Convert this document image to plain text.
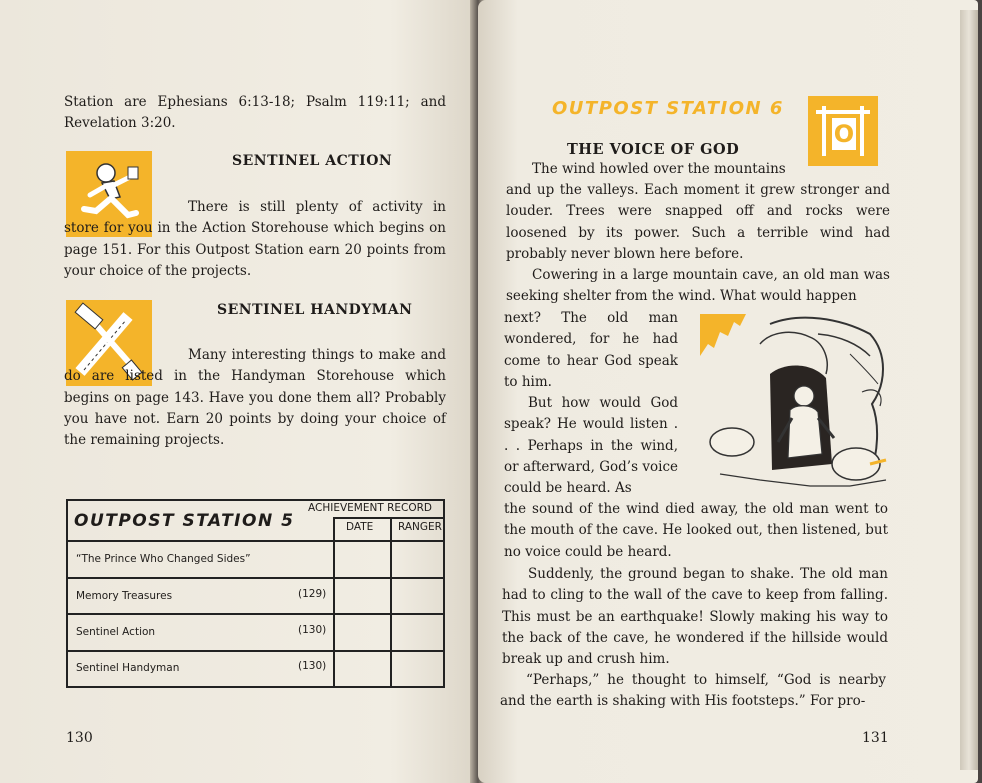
Station are Ephesians 6:13-18; Psalm 119:11; and Revelation 3:20.

SENTINEL ACTION

There is still plenty of activity in store for you in the Action Storehouse which begins on page 151. For this Outpost Station earn 20 points from your choice of the projects.

SENTINEL HANDYMAN

Many interesting things to make and do are listed in the Handyman Storehouse which begins on page 143. Have you done them all? Probably you have not. Earn 20 points by doing your choice of the remaining projects.

OUTPOST STATION 5
ACHIEVEMENT RECORD
DATE RANGER
“The Prince Who Changed Sides”
Memory Treasures	(129)
Sentinel Action	(130)
Sentinel Handyman	(130)
130
OUTPOST STATION 6
O
THE VOICE OF GOD

The wind howled over the mountains

and up the valleys. Each moment it grew stronger and louder. Trees were snapped off and rocks were loosened by its power. Such a terrible wind had probably never blown here before.

Cowering in a large mountain cave, an old man was seeking shelter from the wind. What would happen

next? The old man wondered, for he had come to hear God speak to him.

But how would God speak? He would listen . . . Perhaps in the wind, or afterward, God’s voice could be heard. As

the sound of the wind died away, the old man went to the mouth of the cave. He looked out, then listened, but no voice could be heard.

Suddenly, the ground began to shake. The old man had to cling to the wall of the cave to keep from falling. This must be an earthquake! Slowly making his way to the back of the cave, he wondered if the hillside would break up and crush him.

“Perhaps,” he thought to himself, “God is nearby and the earth is shaking with His footsteps.” For pro-

131
